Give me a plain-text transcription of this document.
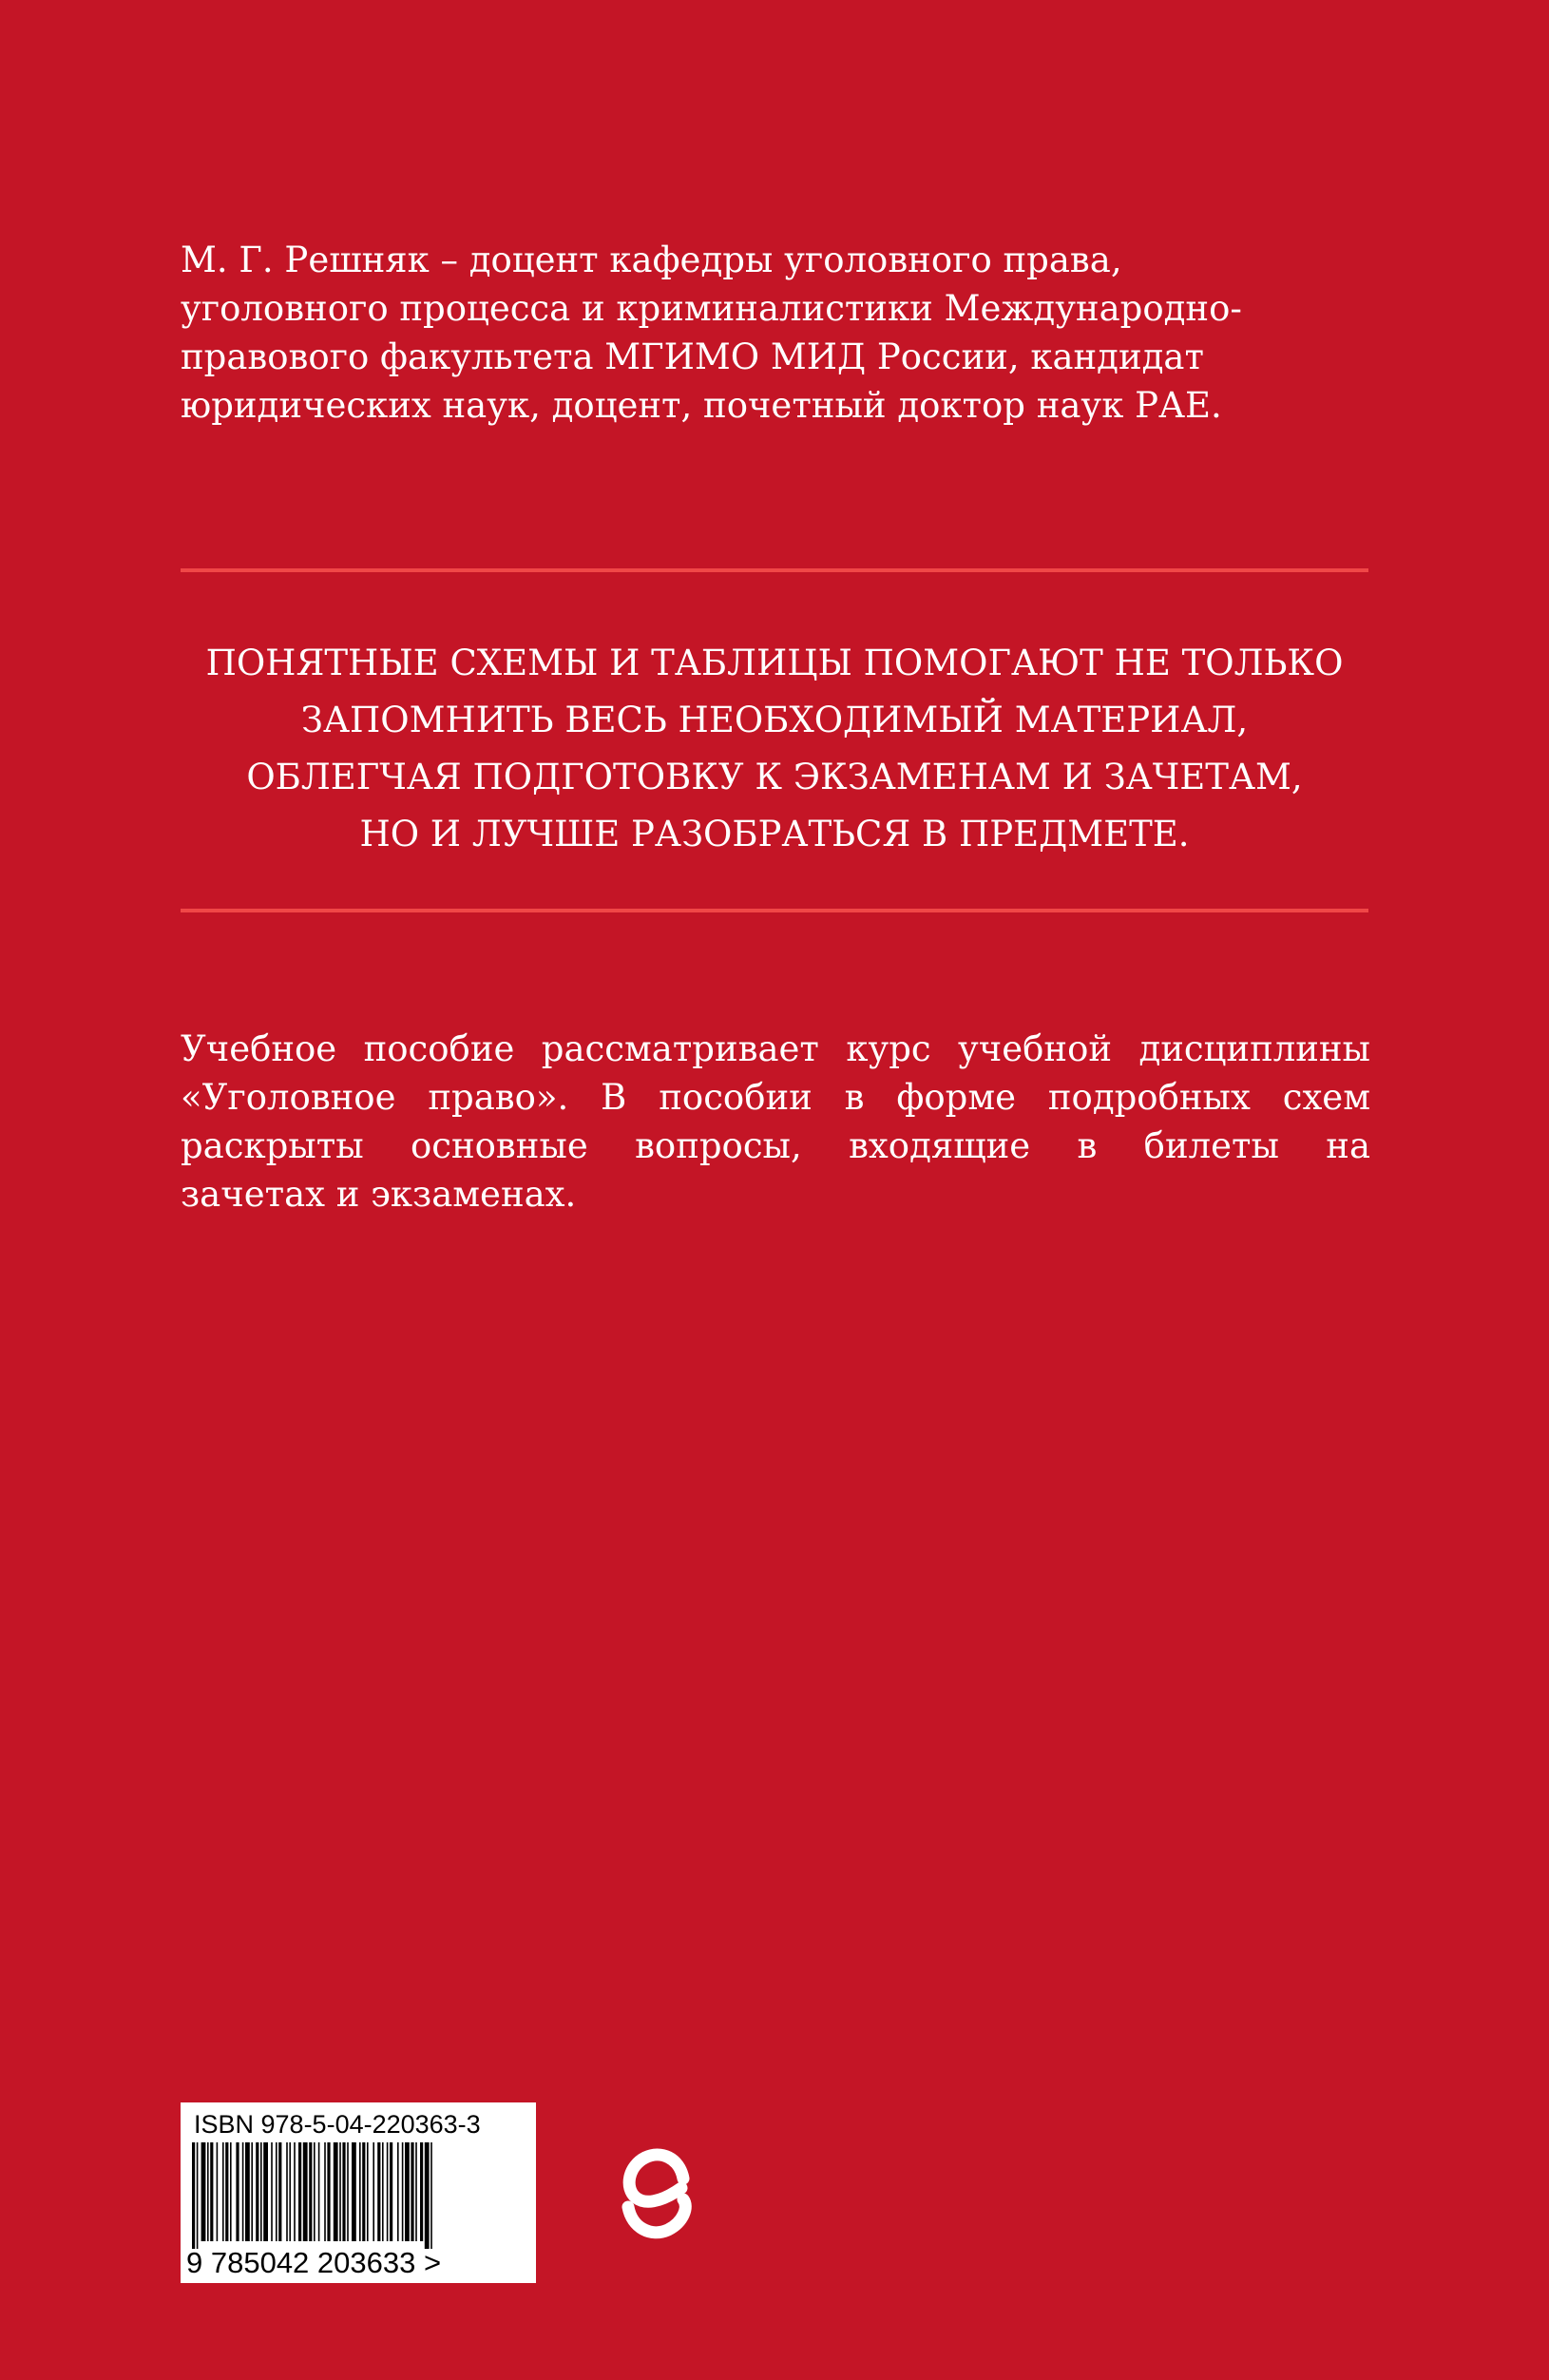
М. Г. Решняк – доцент кафедры уголовного права,
уголовного процесса и криминалистики Международно-
правового факультета МГИМО МИД России, кандидат
юридических наук, доцент, почетный доктор наук РАЕ.
ПОНЯТНЫЕ СХЕМЫ И ТАБЛИЦЫ ПОМОГАЮТ НЕ ТОЛЬКО
ЗАПОМНИТЬ ВЕСЬ НЕОБХОДИМЫЙ МАТЕРИАЛ,
ОБЛЕГЧАЯ ПОДГОТОВКУ К ЭКЗАМЕНАМ И ЗАЧЕТАМ,
НО И ЛУЧШЕ РАЗОБРАТЬСЯ В ПРЕДМЕТЕ.
Учебное пособие рассматривает курс учебной дисциплины
«Уголовное право». В пособии в форме подробных схем
раскрыты основные вопросы, входящие в билеты на
зачетах и экзаменах.
ISBN 978-5-04-220363-3
9 785042 203633 >
